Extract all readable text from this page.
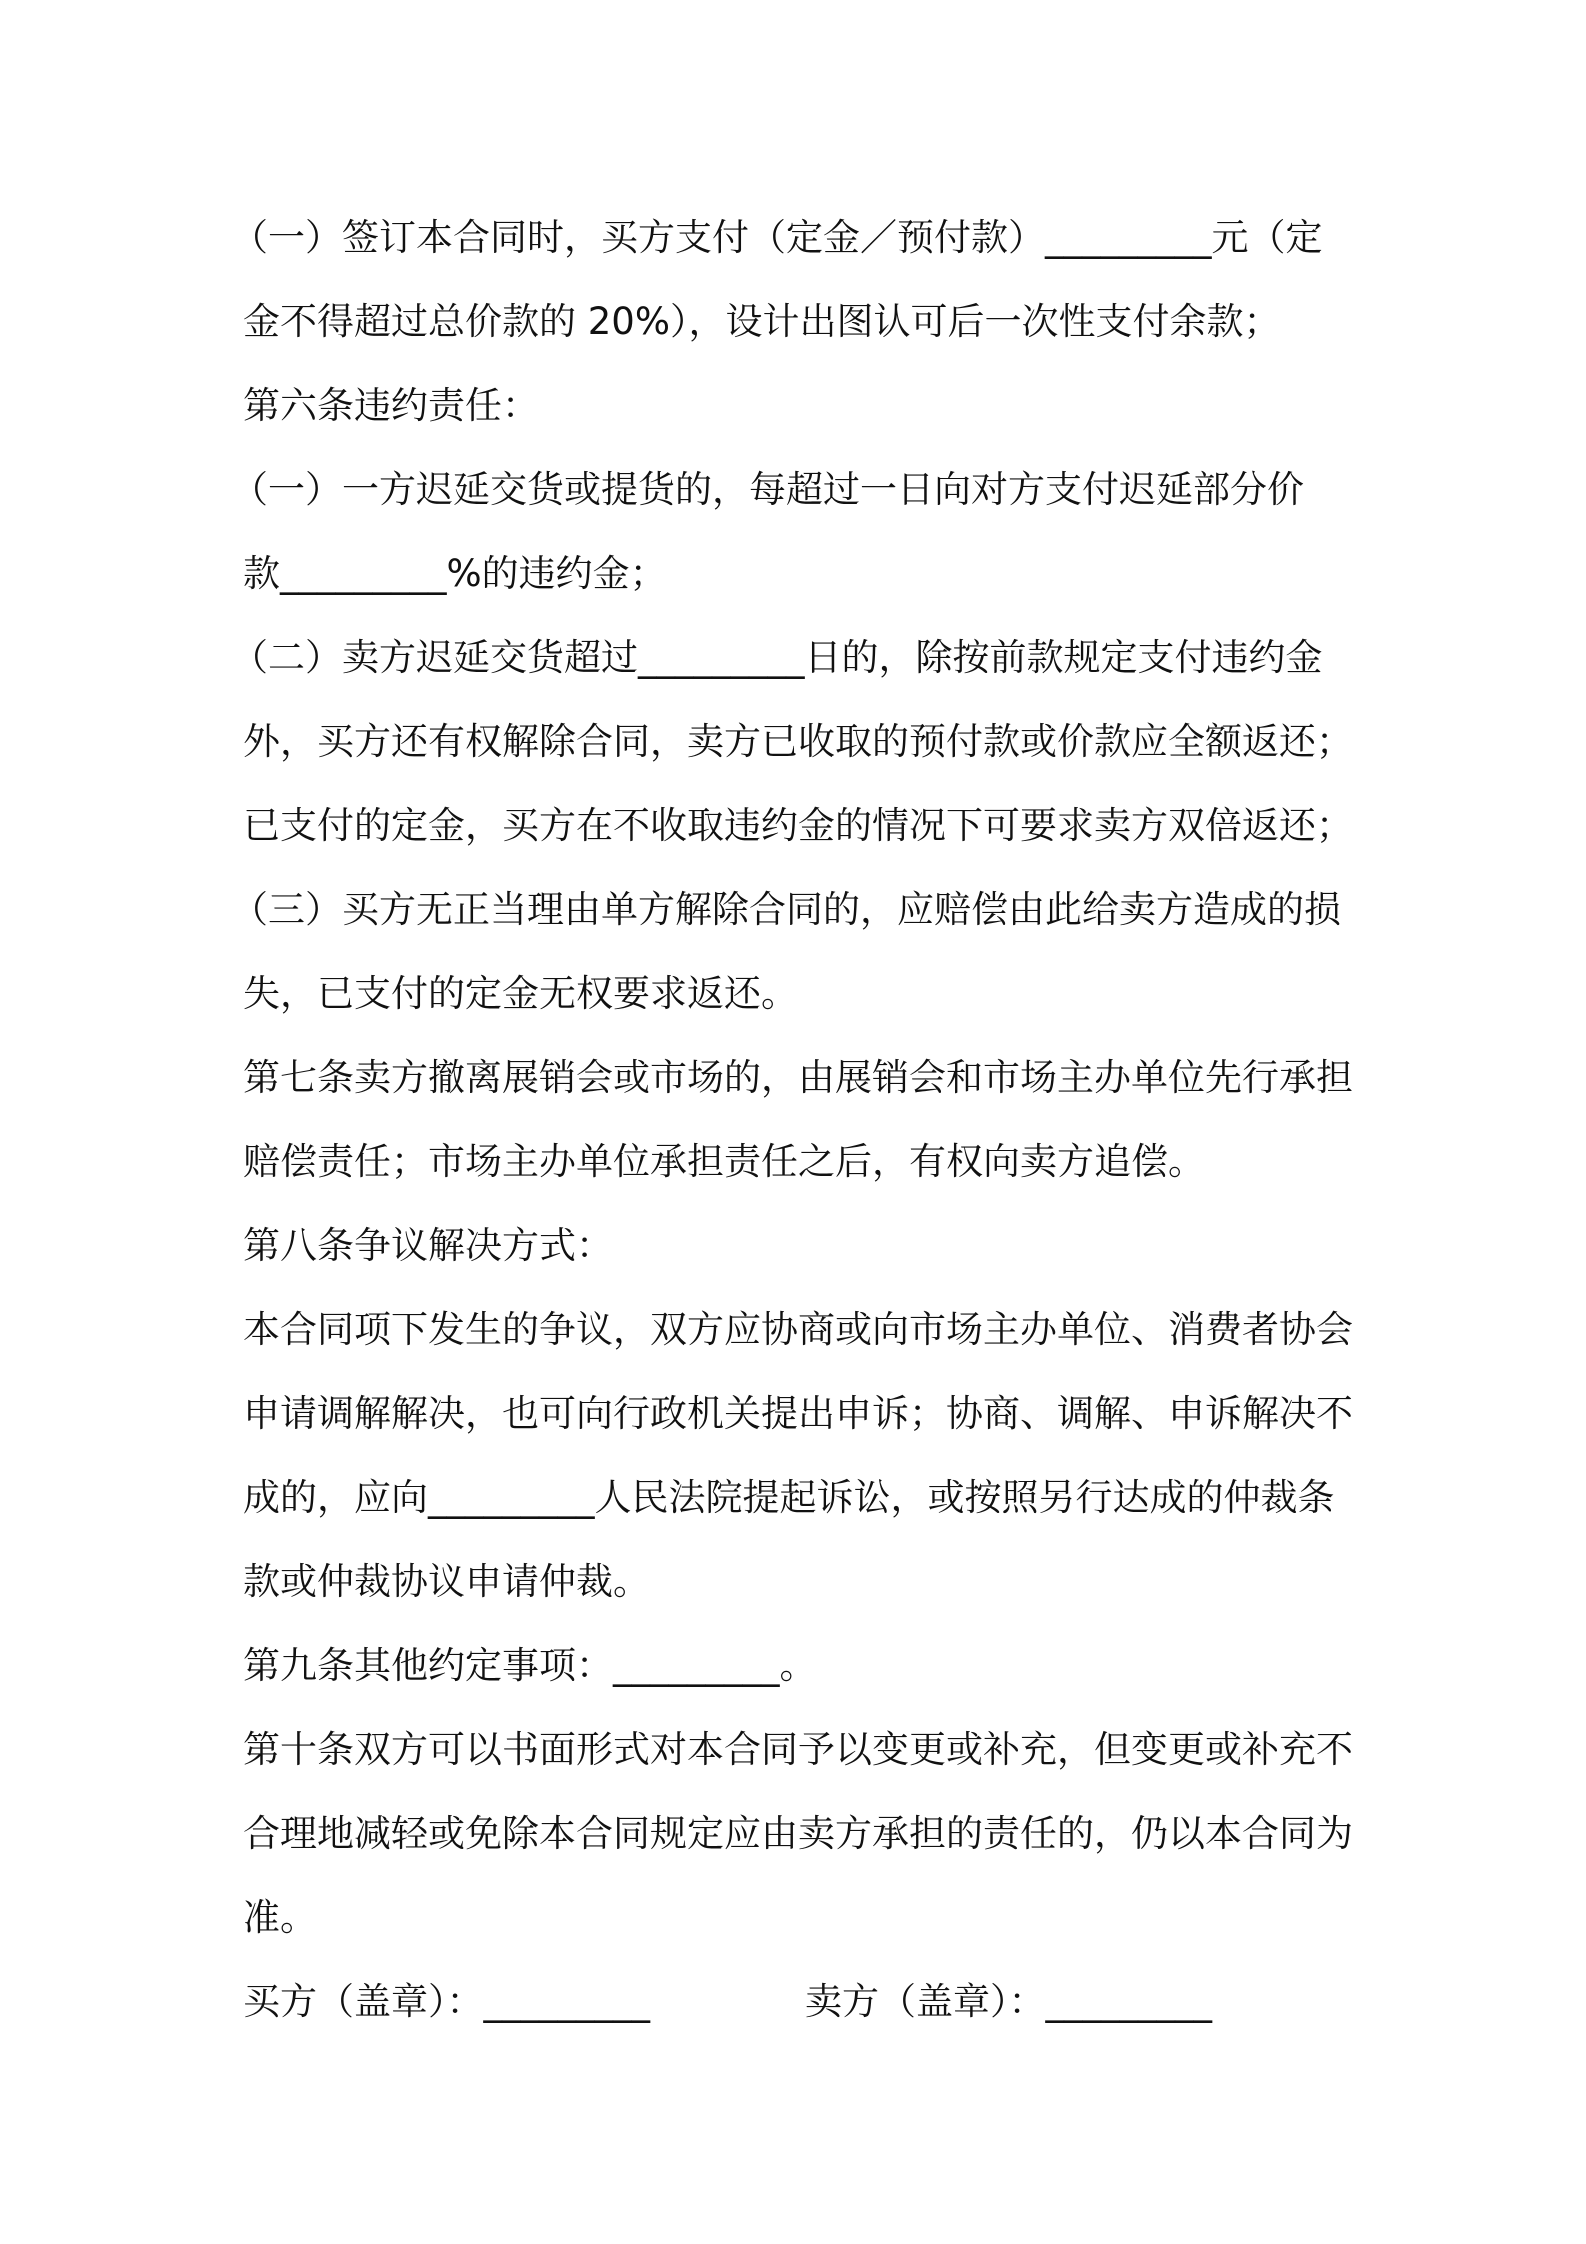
（一）签订本合同时，买方支付（定金／预付款）_________元（定
金不得超过总价款的 20%），设计出图认可后一次性支付余款；
第六条违约责任：
（一）一方迟延交货或提货的，每超过一日向对方支付迟延部分价
款_________%的违约金；
（二）卖方迟延交货超过_________日的，除按前款规定支付违约金
外，买方还有权解除合同，卖方已收取的预付款或价款应全额返还；
已支付的定金，买方在不收取违约金的情况下可要求卖方双倍返还；
（三）买方无正当理由单方解除合同的，应赔偿由此给卖方造成的损
失，已支付的定金无权要求返还。
第七条卖方撤离展销会或市场的，由展销会和市场主办单位先行承担
赔偿责任；市场主办单位承担责任之后，有权向卖方追偿。
第八条争议解决方式：
本合同项下发生的争议，双方应协商或向市场主办单位、消费者协会
申请调解解决，也可向行政机关提出申诉；协商、调解、申诉解决不
成的，应向_________人民法院提起诉讼，或按照另行达成的仲裁条
款或仲裁协议申请仲裁。
第九条其他约定事项：_________。
第十条双方可以书面形式对本合同予以变更或补充，但变更或补充不
合理地减轻或免除本合同规定应由卖方承担的责任的，仍以本合同为
准。
买方（盖章）：_________	卖方（盖章）：_________
